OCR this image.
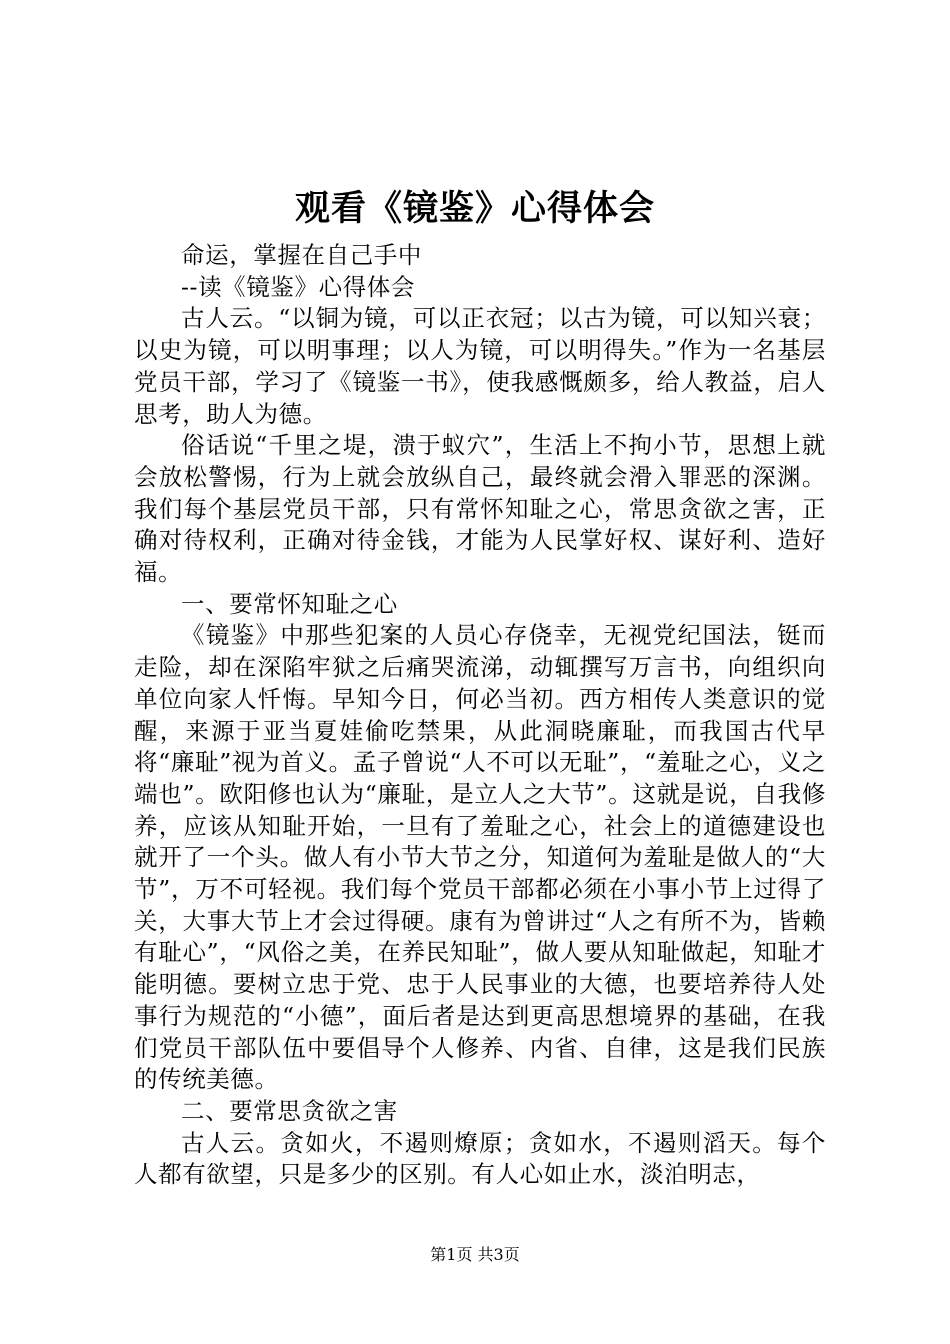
观看《镜鉴》心得体会

命运，掌握在自己手中

--读《镜鉴》心得体会

古人云。“以铜为镜，可以正衣冠；以古为镜，可以知兴衰；以史为镜，可以明事理；以人为镜，可以明得失。”作为一名基层党员干部，学习了《镜鉴一书》，使我感慨颇多，给人教益，启人思考，助人为德。

俗话说“千里之堤，溃于蚁穴”，生活上不拘小节，思想上就会放松警惕，行为上就会放纵自己，最终就会滑入罪恶的深渊。我们每个基层党员干部，只有常怀知耻之心，常思贪欲之害，正确对待权利，正确对待金钱，才能为人民掌好权、谋好利、造好福。

一、要常怀知耻之心

《镜鉴》中那些犯案的人员心存侥幸，无视党纪国法，铤而走险，却在深陷牢狱之后痛哭流涕，动辄撰写万言书，向组织向单位向家人忏悔。早知今日，何必当初。西方相传人类意识的觉醒，来源于亚当夏娃偷吃禁果，从此洞晓廉耻，而我国古代早将“廉耻”视为首义。孟子曾说“人不可以无耻”，“羞耻之心，义之端也”。欧阳修也认为“廉耻，是立人之大节”。这就是说，自我修养，应该从知耻开始，一旦有了羞耻之心，社会上的道德建设也就开了一个头。做人有小节大节之分，知道何为羞耻是做人的“大节”，万不可轻视。我们每个党员干部都必须在小事小节上过得了关，大事大节上才会过得硬。康有为曾讲过“人之有所不为，皆赖有耻心”，“风俗之美，在养民知耻”，做人要从知耻做起，知耻才能明德。要树立忠于党、忠于人民事业的大德，也要培养待人处事行为规范的“小德”，面后者是达到更高思想境界的基础，在我们党员干部队伍中要倡导个人修养、内省、自律，这是我们民族的传统美德。

二、要常思贪欲之害

古人云。贪如火，不遏则燎原；贪如水，不遏则滔天。每个人都有欲望，只是多少的区别。有人心如止水，淡泊明志，

第1页 共3页
